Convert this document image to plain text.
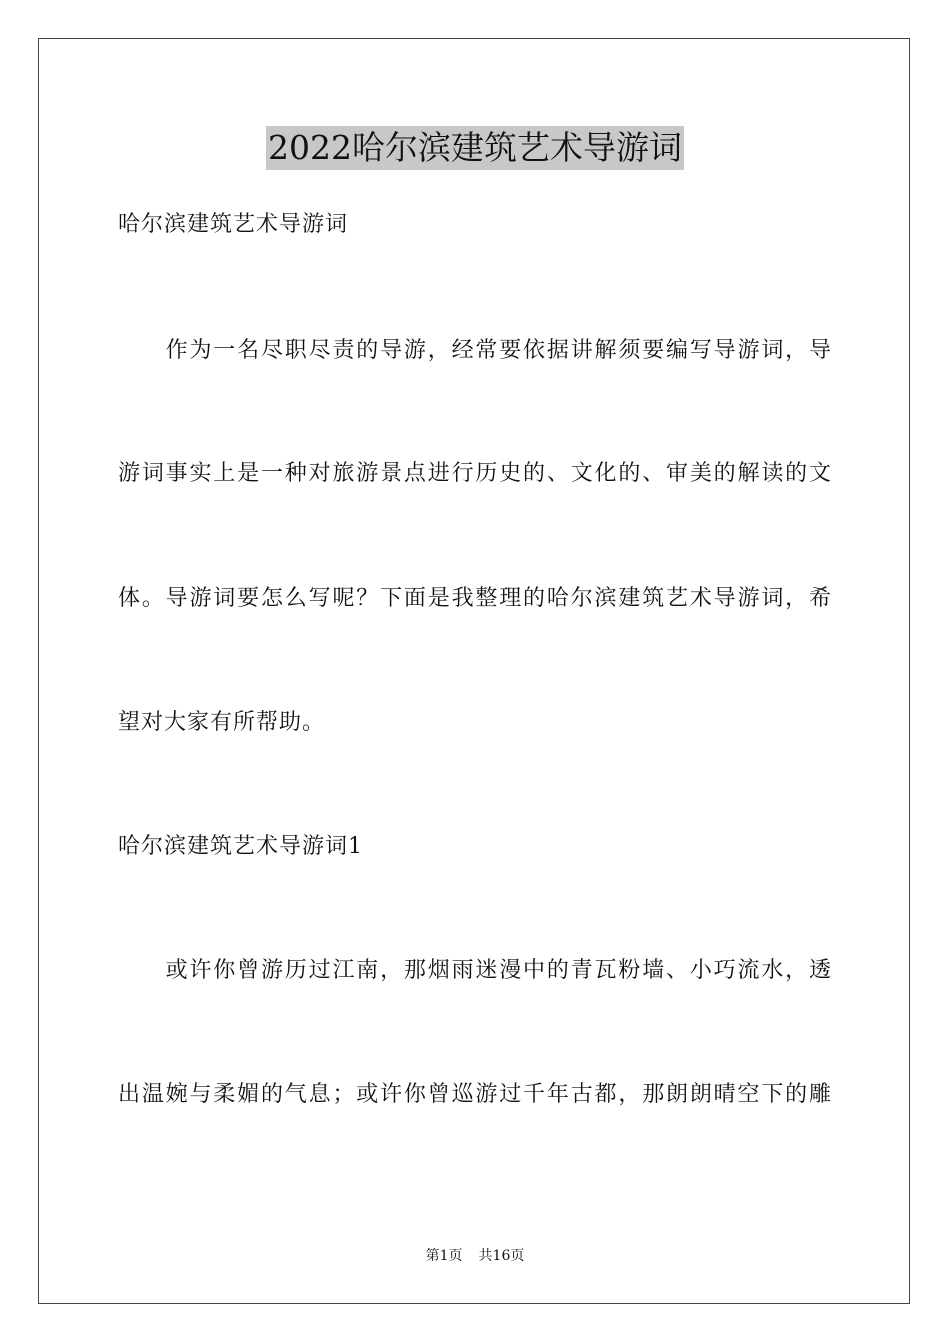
2022哈尔滨建筑艺术导游词
哈尔滨建筑艺术导游词
　　作为一名尽职尽责的导游，经常要依据讲解须要编写导游词，导
游词事实上是一种对旅游景点进行历史的、文化的、审美的解读的文
体。导游词要怎么写呢？下面是我整理的哈尔滨建筑艺术导游词，希
望对大家有所帮助。
哈尔滨建筑艺术导游词1
　　或许你曾游历过江南，那烟雨迷漫中的青瓦粉墙、小巧流水，透
出温婉与柔媚的气息；或许你曾巡游过千年古都，那朗朗晴空下的雕
第1页 共16页
